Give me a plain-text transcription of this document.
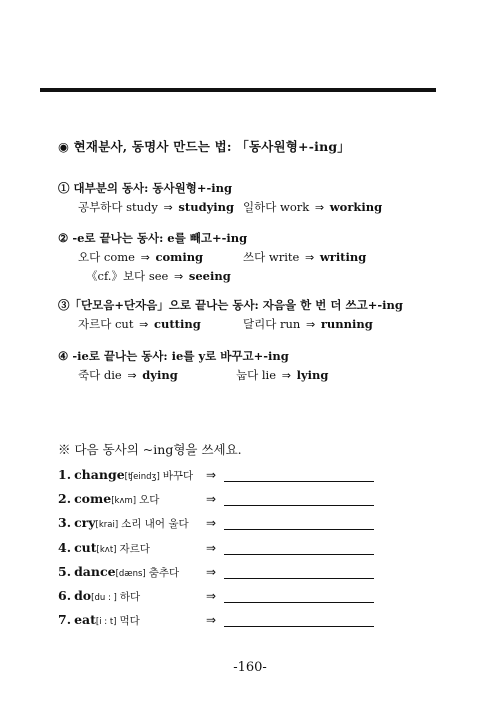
◉ 현재분사, 동명사 만드는 법: 「동사원형+-ing」
① 대부분의 동사: 동사원형+-ing
공부하다 study ⇒ studying 일하다 work ⇒ working
② -e로 끝나는 동사: e를 빼고+-ing
오다 come ⇒ coming	쓰다 write ⇒ writing
《cf.》보다 see ⇒ seeing
③「단모음+단자음」으로 끝나는 동사: 자음을 한 번 더 쓰고+-ing
자르다 cut ⇒ cutting	달리다 run ⇒ running
④ -ie로 끝나는 동사: ie를 y로 바꾸고+-ing
죽다 die ⇒ dying	눕다 lie ⇒ lying
※ 다음 동사의 ~ing형을 쓰세요.
1. change[ʧeindʒ] 바꾸다 ⇒
2. come[kʌm] 오다	⇒
3. cry[krai] 소리 내어 울다 ⇒
4. cut[kʌt] 자르다	⇒
5. dance[dæns] 춤추다 ⇒
6. do[du : ] 하다	⇒
7. eat[i : t] 먹다	⇒
-160-
